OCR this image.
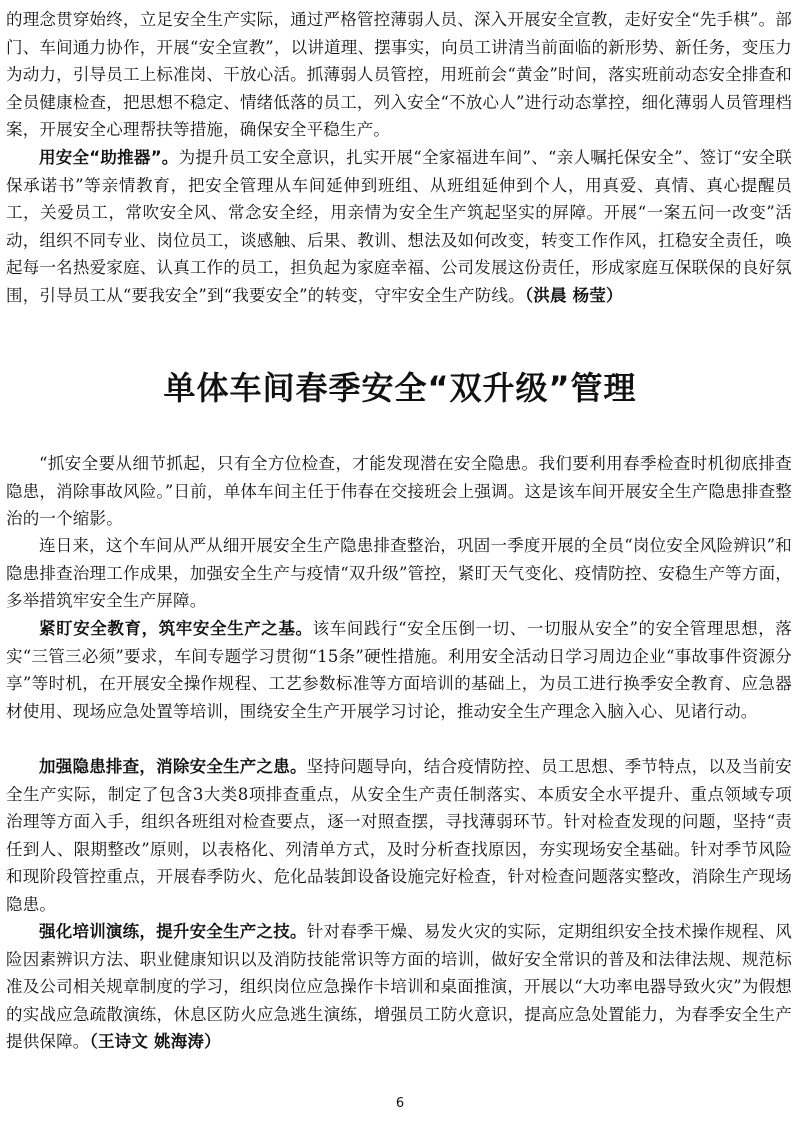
的理念贯穿始终，立足安全生产实际，通过严格管控薄弱人员、深入开展安全宣教，走好安全“先手棋”。部门、车间通力协作，开展“安全宣教”，以讲道理、摆事实，向员工讲清当前面临的新形势、新任务，变压力为动力，引导员工上标准岗、干放心活。抓薄弱人员管控，用班前会“黄金”时间，落实班前动态安全排查和全员健康检查，把思想不稳定、情绪低落的员工，列入安全“不放心人”进行动态掌控，细化薄弱人员管理档案，开展安全心理帮扶等措施，确保安全平稳生产。

用安全“助推器”。为提升员工安全意识，扎实开展“全家福进车间”、“亲人嘱托保安全”、签订“安全联保承诺书”等亲情教育，把安全管理从车间延伸到班组、从班组延伸到个人，用真爱、真情、真心提醒员工，关爱员工，常吹安全风、常念安全经，用亲情为安全生产筑起坚实的屏障。开展“一案五问一改变”活动，组织不同专业、岗位员工，谈感触、后果、教训、想法及如何改变，转变工作作风，扛稳安全责任，唤起每一名热爱家庭、认真工作的员工，担负起为家庭幸福、公司发展这份责任，形成家庭互保联保的良好氛围，引导员工从“要我安全”到“我要安全”的转变，守牢安全生产防线。（洪晨 杨莹）

单体车间春季安全“双升级”管理

“抓安全要从细节抓起，只有全方位检查，才能发现潜在安全隐患。我们要利用春季检查时机彻底排查隐患，消除事故风险。”日前，单体车间主任于伟春在交接班会上强调。这是该车间开展安全生产隐患排查整治的一个缩影。

连日来，这个车间从严从细开展安全生产隐患排查整治，巩固一季度开展的全员“岗位安全风险辨识”和隐患排查治理工作成果，加强安全生产与疫情“双升级”管控，紧盯天气变化、疫情防控、安稳生产等方面，多举措筑牢安全生产屏障。

紧盯安全教育，筑牢安全生产之基。该车间践行“安全压倒一切、一切服从安全”的安全管理思想，落实“三管三必须”要求，车间专题学习贯彻“15条”硬性措施。利用安全活动日学习周边企业“事故事件资源分享”等时机，在开展安全操作规程、工艺参数标准等方面培训的基础上，为员工进行换季安全教育、应急器材使用、现场应急处置等培训，围绕安全生产开展学习讨论，推动安全生产理念入脑入心、见诸行动。

加强隐患排查，消除安全生产之患。坚持问题导向，结合疫情防控、员工思想、季节特点，以及当前安全生产实际，制定了包含3大类8项排查重点，从安全生产责任制落实、本质安全水平提升、重点领域专项治理等方面入手，组织各班组对检查要点，逐一对照查摆，寻找薄弱环节。针对检查发现的问题，坚持“责任到人、限期整改”原则，以表格化、列清单方式，及时分析查找原因，夯实现场安全基础。针对季节风险和现阶段管控重点，开展春季防火、危化品装卸设备设施完好检查，针对检查问题落实整改，消除生产现场隐患。

强化培训演练，提升安全生产之技。针对春季干燥、易发火灾的实际，定期组织安全技术操作规程、风险因素辨识方法、职业健康知识以及消防技能常识等方面的培训，做好安全常识的普及和法律法规、规范标准及公司相关规章制度的学习，组织岗位应急操作卡培训和桌面推演，开展以“大功率电器导致火灾”为假想的实战应急疏散演练，休息区防火应急逃生演练，增强员工防火意识，提高应急处置能力，为春季安全生产提供保障。（王诗文 姚海涛）

6
